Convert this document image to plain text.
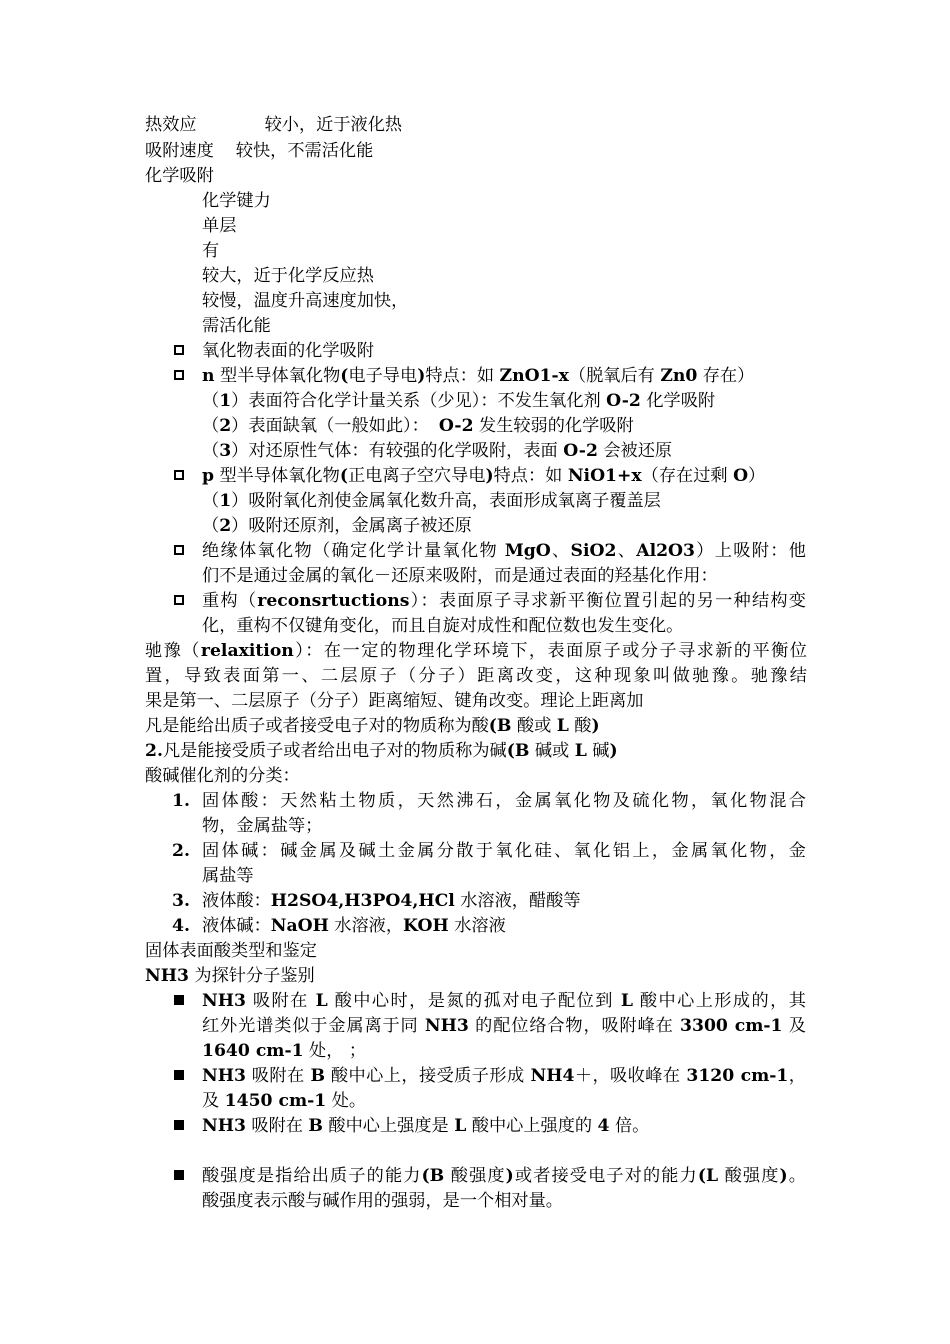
热效应	较小，近于液化热
吸附速度 较快，不需活化能
化学吸附
化学键力
单层
有
较大，近于化学反应热
较慢，温度升高速度加快，
需活化能
氧化物表面的化学吸附
n 型半导体氧化物(电子导电)特点：如 ZnO1-x（脱氧后有 Zn0 存在）
（1）表面符合化学计量关系（少见）：不发生氧化剂 O-2 化学吸附
（2）表面缺氧（一般如此）： O-2 发生较弱的化学吸附
（3）对还原性气体：有较强的化学吸附，表面 O-2 会被还原
p 型半导体氧化物(正电离子空穴导电)特点：如 NiO1+x（存在过剩 O）
（1）吸附氧化剂使金属氧化数升高，表面形成氧离子覆盖层
（2）吸附还原剂，金属离子被还原
绝缘体氧化物（确定化学计量氧化物 MgO、SiO2、Al2O3）上吸附：他
们不是通过金属的氧化－还原来吸附，而是通过表面的羟基化作用：
重构（reconsrtuctions）：表面原子寻求新平衡位置引起的另一种结构变
化，重构不仅键角变化，而且自旋对成性和配位数也发生变化。
驰豫（relaxition）：在一定的物理化学环境下，表面原子或分子寻求新的平衡位
置，导致表面第一、二层原子（分子）距离改变，这种现象叫做驰豫。驰豫结
果是第一、二层原子（分子）距离缩短、键角改变。理论上距离加
凡是能给出质子或者接受电子对的物质称为酸(B 酸或 L 酸)
2.凡是能接受质子或者给出电子对的物质称为碱(B 碱或 L 碱)
酸碱催化剂的分类：
1. 固体酸：天然粘土物质，天然沸石，金属氧化物及硫化物，氧化物混合
物，金属盐等；
2. 固体碱：碱金属及碱土金属分散于氧化硅、氧化铝上，金属氧化物，金
属盐等
3. 液体酸：H2SO4,H3PO4,HCl 水溶液，醋酸等
4. 液体碱：NaOH 水溶液，KOH 水溶液
固体表面酸类型和鉴定
NH3 为探针分子鉴别
NH3 吸附在 L 酸中心时，是氮的孤对电子配位到 L 酸中心上形成的，其
红外光谱类似于金属离于同 NH3 的配位络合物，吸附峰在 3300 cm-1 及
1640 cm-1 处， ；
NH3 吸附在 B 酸中心上，接受质子形成 NH4＋，吸收峰在 3120 cm-1，
及 1450 cm-1 处。
NH3 吸附在 B 酸中心上强度是 L 酸中心上强度的 4 倍。
酸强度是指给出质子的能力(B 酸强度)或者接受电子对的能力(L 酸强度)。
酸强度表示酸与碱作用的强弱，是一个相对量。
